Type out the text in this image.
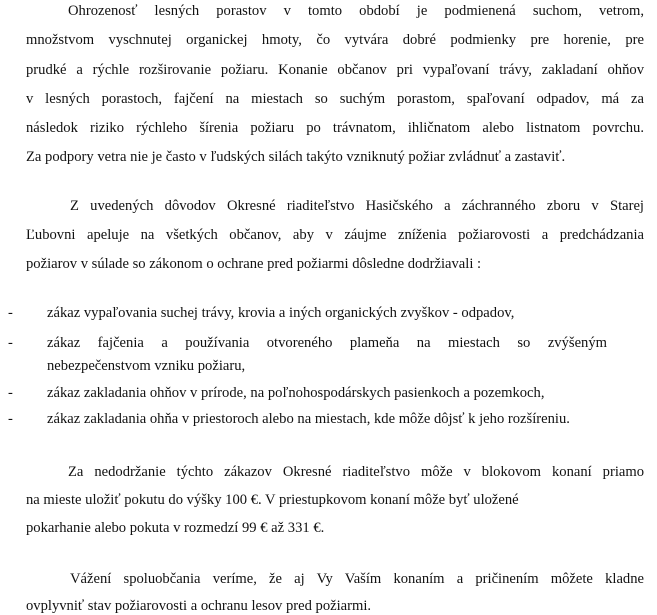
Ohrozenosť lesných porastov v tomto období je podmienená suchom, vetrom,
množstvom vyschnutej organickej hmoty, čo vytvára dobré podmienky pre horenie, pre
prudké a rýchle rozširovanie požiaru. Konanie občanov pri vypaľovaní trávy, zakladaní ohňov
v lesných porastoch, fajčení na miestach so suchým porastom, spaľovaní odpadov, má za
následok riziko rýchleho šírenia požiaru po trávnatom, ihličnatom alebo listnatom povrchu.
Za podpory vetra nie je často v ľudských silách takýto vzniknutý požiar zvládnuť a zastaviť.
Z uvedených dôvodov Okresné riaditeľstvo Hasičského a záchranného zboru v Starej
Ľubovni apeluje na všetkých občanov, aby v záujme zníženia požiarovosti a predchádzania
požiarov v súlade so zákonom o ochrane pred požiarmi dôsledne dodržiavali :
- zákaz vypaľovania suchej trávy, krovia a iných organických zvyškov - odpadov,
- zákaz fajčenia a používania otvoreného plameňa na miestach so zvýšeným
nebezpečenstvom vzniku požiaru,
- zákaz zakladania ohňov v prírode, na poľnohospodárskych pasienkoch a pozemkoch,
- zákaz zakladania ohňa v priestoroch alebo na miestach, kde môže dôjsť k jeho rozšíreniu.
Za nedodržanie týchto zákazov Okresné riaditeľstvo môže v blokovom konaní priamo
na mieste uložiť pokutu do výšky 100 €. V priestupkovom konaní môže byť uložené
pokarhanie alebo pokuta v rozmedzí 99 € až 331 €.
Vážení spoluobčania veríme, že aj Vy Vaším konaním a pričinením môžete kladne
ovplyvniť stav požiarovosti a ochranu lesov pred požiarmi.
